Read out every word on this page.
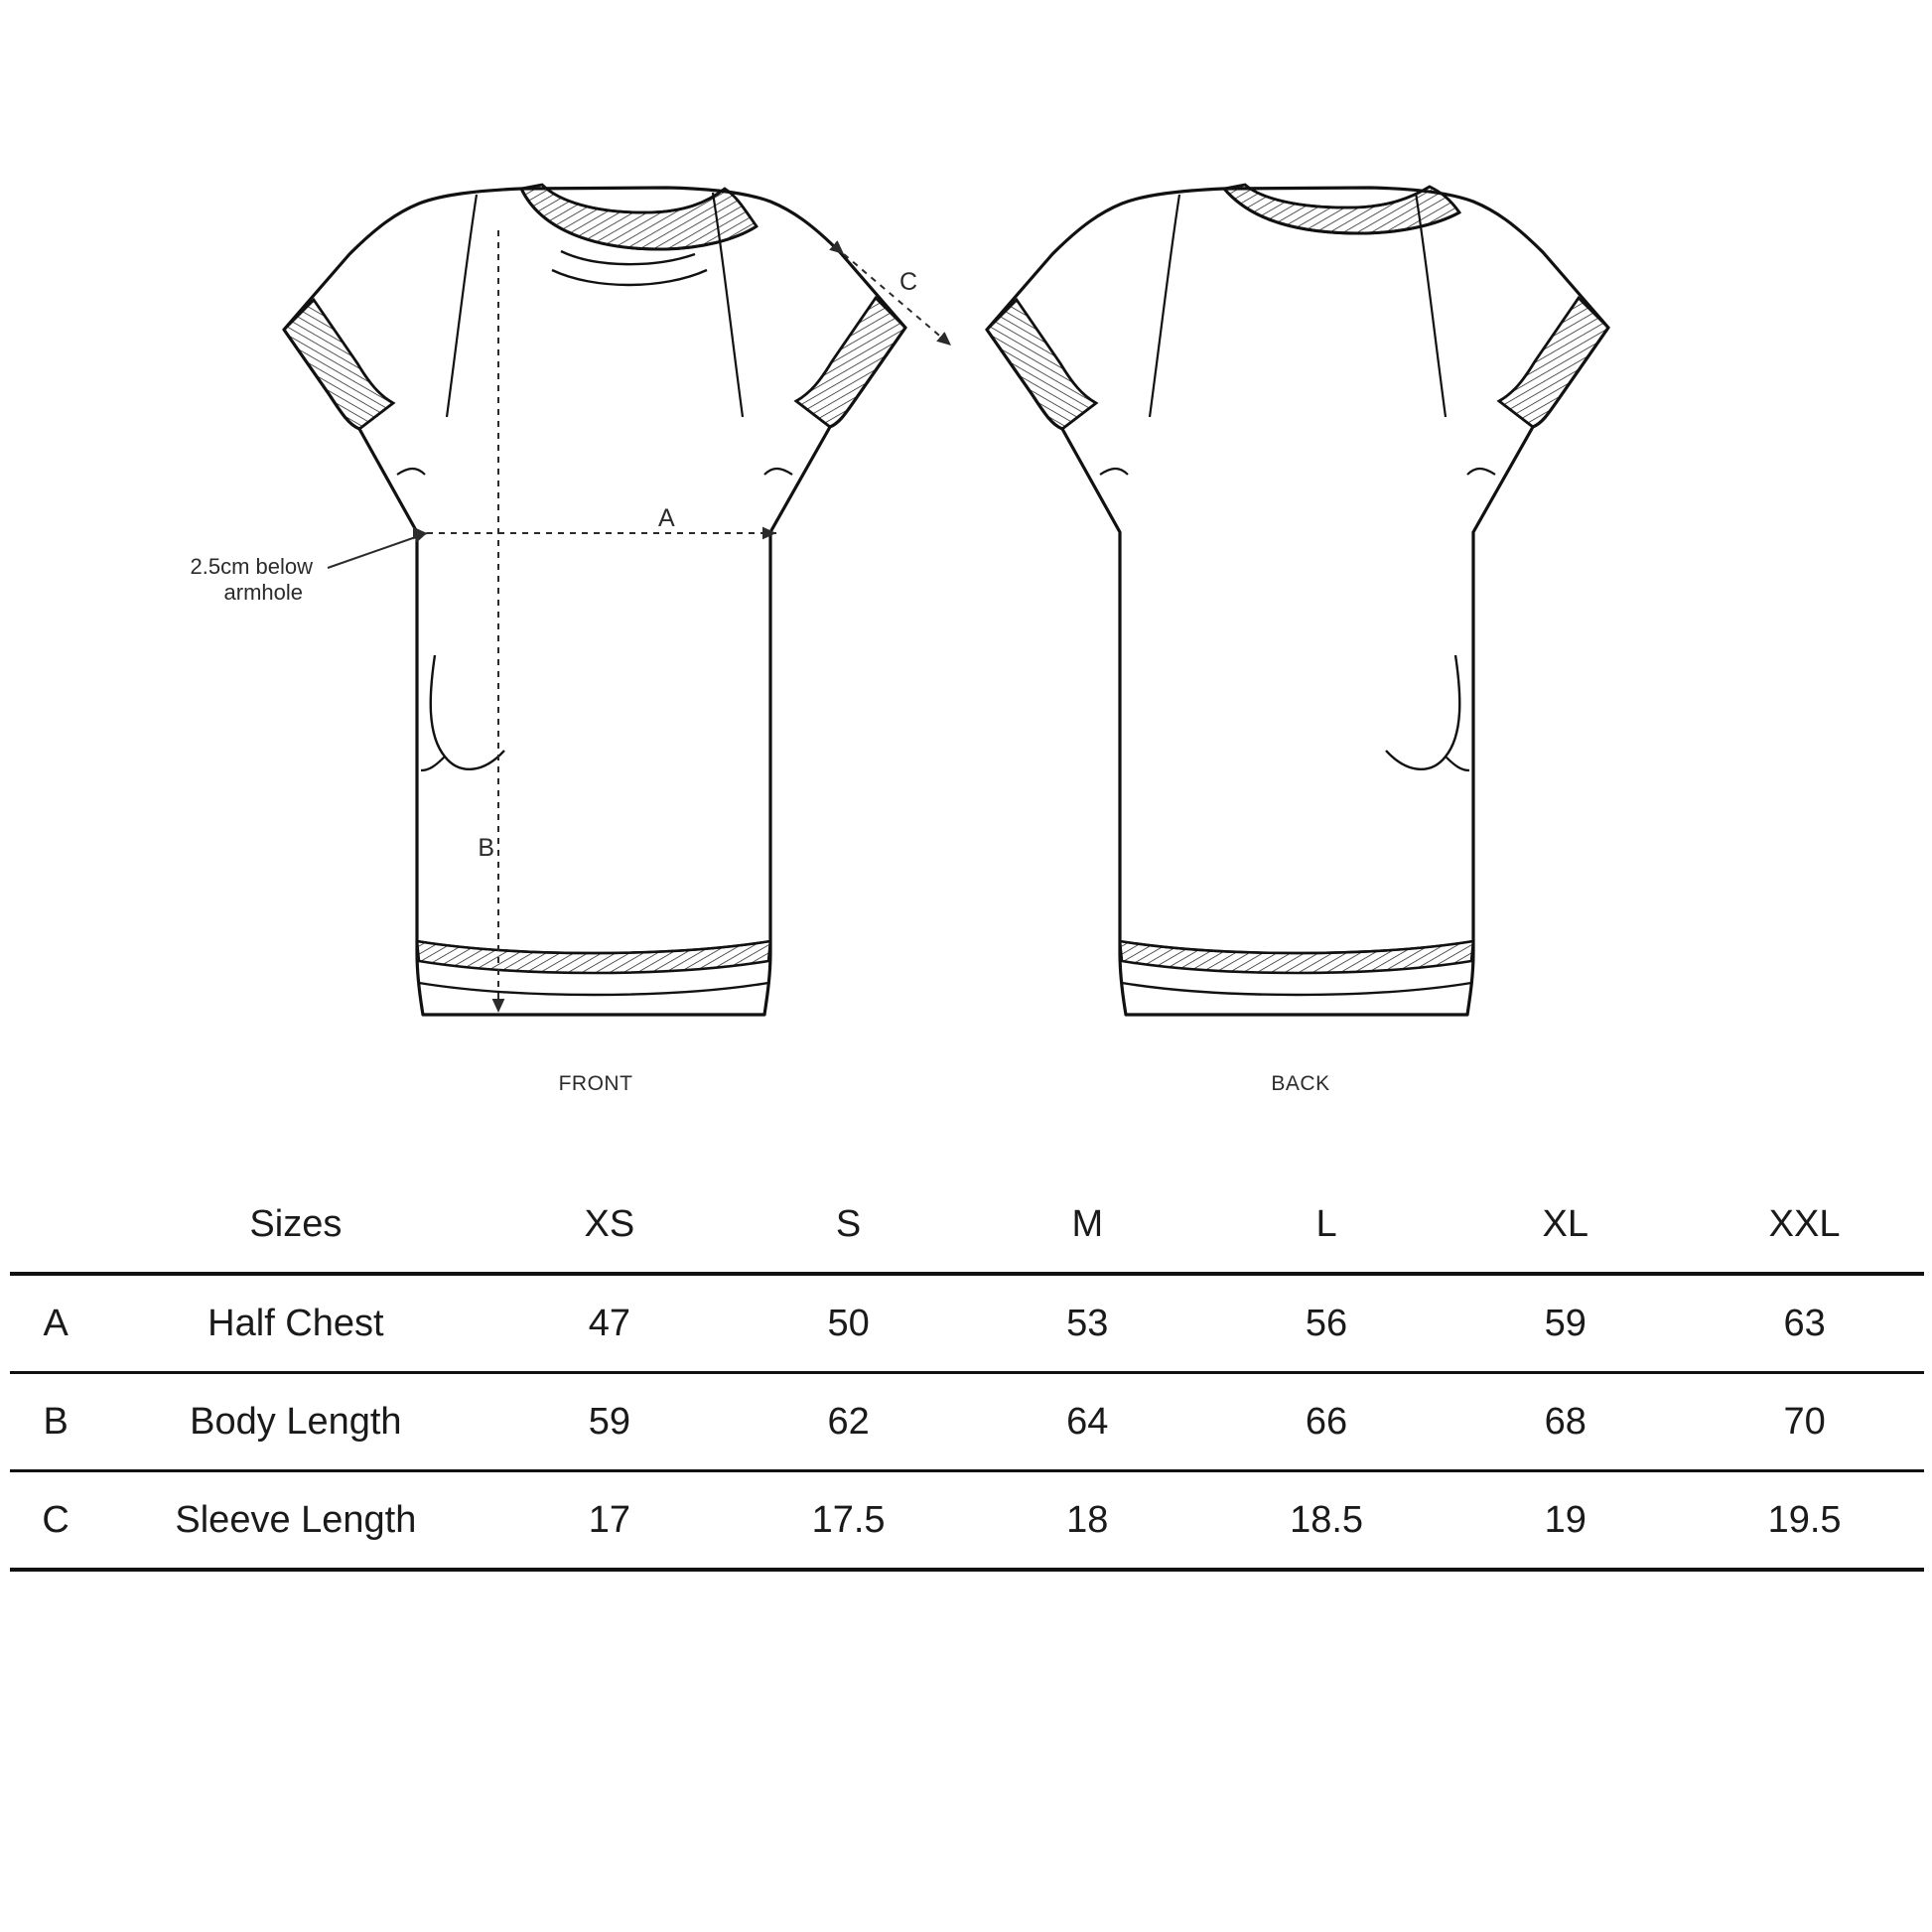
A
B
C
2.5cm below
armhole
FRONT	BACK
	Sizes	XS	S	M	L	XL	XXL
A	Half Chest	47	50	53	56	59	63
B	Body Length	59	62	64	66	68	70
C	Sleeve Length	17	17.5	18	18.5	19	19.5
